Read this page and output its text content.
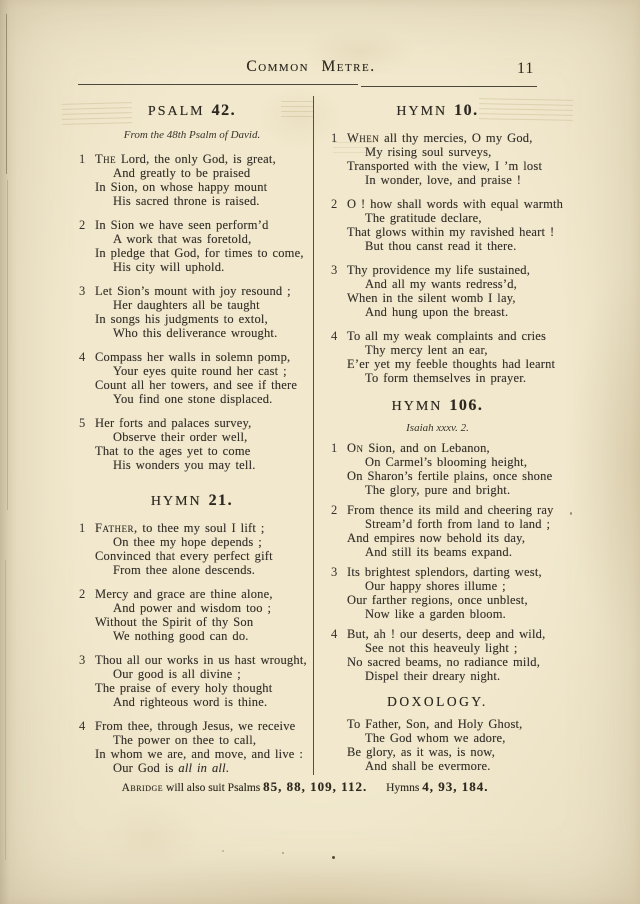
Common Metre.	11
PSALM 42.
From the 48th Psalm of David.
1 The Lord, the only God, is great,
And greatly to be praised
In Sion, on whose happy mount
His sacred throne is raised.
2 In Sion we have seen perform’d
A work that was foretold,
In pledge that God, for times to come,
His city will uphold.
3 Let Sion’s mount with joy resound ;
Her daughters all be taught
In songs his judgments to extol,
Who this deliverance wrought.
4 Compass her walls in solemn pomp,
Your eyes quite round her cast ;
Count all her towers, and see if there
You find one stone displaced.
5 Her forts and palaces survey,
Observe their order well,
That to the ages yet to come
His wonders you may tell.
HYMN 21.
1 Father, to thee my soul I lift ;
On thee my hope depends ;
Convinced that every perfect gift
From thee alone descends.
2 Mercy and grace are thine alone,
And power and wisdom too ;
Without the Spirit of thy Son
We nothing good can do.
3 Thou all our works in us hast wrought,
Our good is all divine ;
The praise of every holy thought
And righteous word is thine.
4 From thee, through Jesus, we receive
The power on thee to call,
In whom we are, and move, and live :
Our God is all in all.
HYMN 10.
1 When all thy mercies, O my God,
My rising soul surveys,
Transported with the view, I ’m lost
In wonder, love, and praise !
2 O ! how shall words with equal warmth
The gratitude declare,
That glows within my ravished heart !
But thou canst read it there.
3 Thy providence my life sustained,
And all my wants redress’d,
When in the silent womb I lay,
And hung upon the breast.
4 To all my weak complaints and cries
Thy mercy lent an ear,
E’er yet my feeble thoughts had learnt
To form themselves in prayer.
HYMN 106.
Isaiah xxxv. 2.
1 On Sion, and on Lebanon,
On Carmel’s blooming height,
On Sharon’s fertile plains, once shone
The glory, pure and bright.
2 From thence its mild and cheering ray
Stream’d forth from land to land ;
And empires now behold its day,
And still its beams expand.
3 Its brightest splendors, darting west,
Our happy shores illume ;
Our farther regions, once unblest,
Now like a garden bloom.
4 But, ah ! our deserts, deep and wild,
See not this heaveuly light ;
No sacred beams, no radiance mild,
Dispel their dreary night.
DOXOLOGY.
To Father, Son, and Holy Ghost,
The God whom we adore,
Be glory, as it was, is now,
And shall be evermore.
Abridge will also suit Psalms 85, 88, 109, 112. Hymns 4, 93, 184.
